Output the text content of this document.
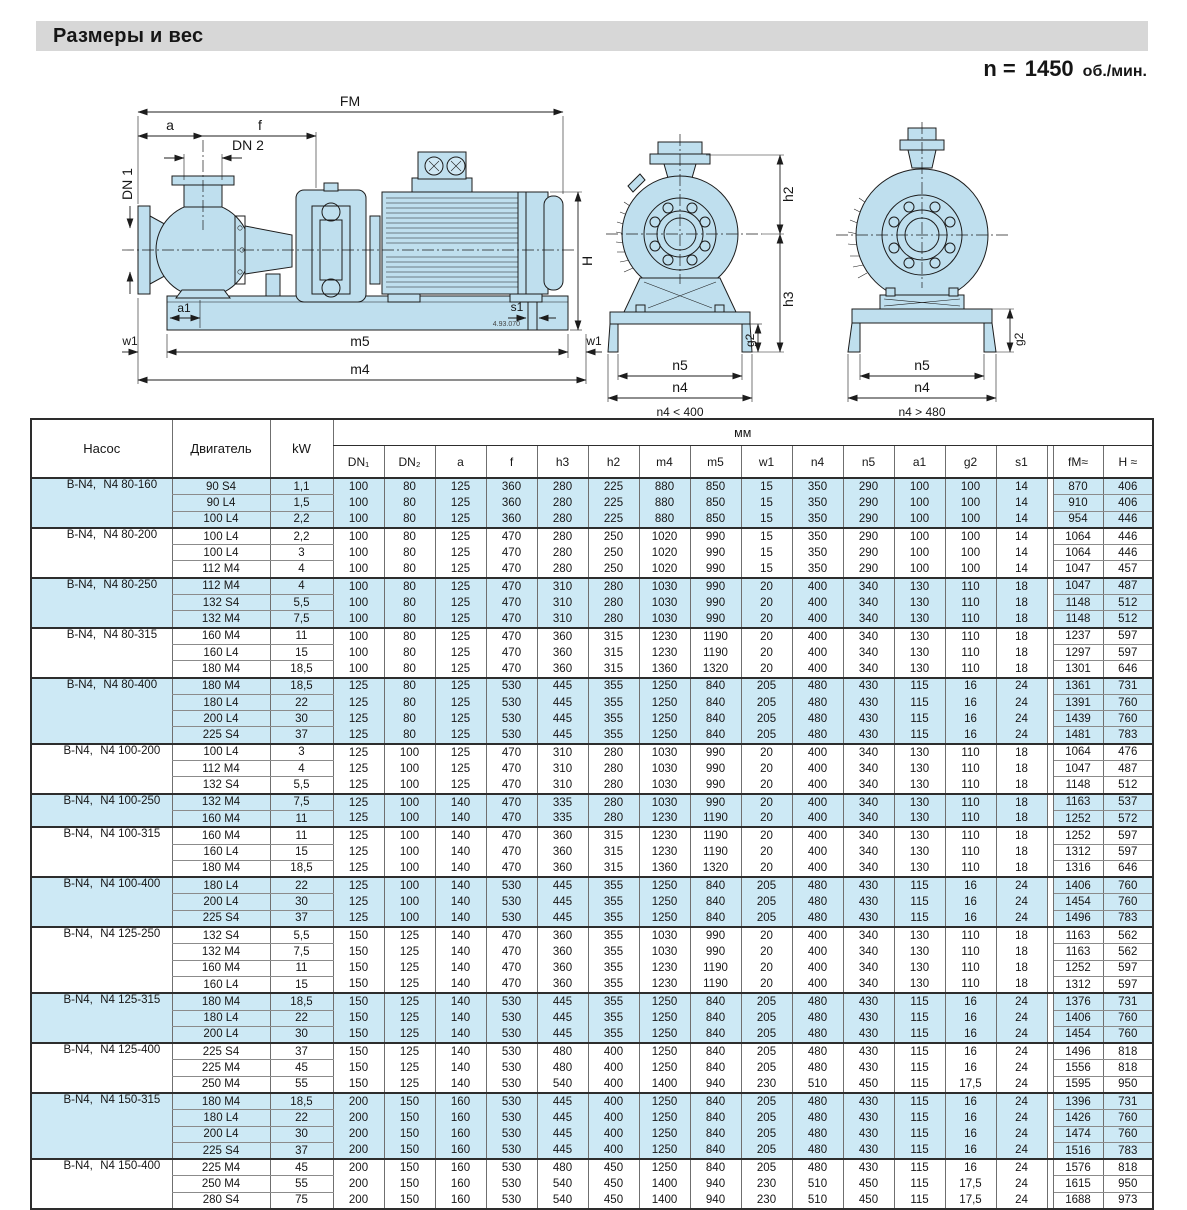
Размеры и вес
n = 1450 об./мин.
FM
a	f
DN 2
DN 1
H
a1	s1
4.93.070
w1	w1
m5
m4
h2
h3
g2
n5
n4
n4 < 400
g2
n5
n4
n4 > 480
Насос	Двигатель	kW	мм																
			DN₁	DN₂	a	f	h3	h2	m4	m5	w1	n4	n5	a1	g2	s1		fM≈	H ≈
B-N4, N4 80-160	90 S4	1,1	100	80	125	360	280	225	880	850	15	350	290	100	100	14		870	406
	90 L4	1,5	100	80	125	360	280	225	880	850	15	350	290	100	100	14		910	406
	100 L4	2,2	100	80	125	360	280	225	880	850	15	350	290	100	100	14		954	446
B-N4, N4 80-200	100 L4	2,2	100	80	125	470	280	250	1020	990	15	350	290	100	100	14		1064	446
	100 L4	3	100	80	125	470	280	250	1020	990	15	350	290	100	100	14		1064	446
	112 M4	4	100	80	125	470	280	250	1020	990	15	350	290	100	100	14		1047	457
B-N4, N4 80-250	112 M4	4	100	80	125	470	310	280	1030	990	20	400	340	130	110	18		1047	487
	132 S4	5,5	100	80	125	470	310	280	1030	990	20	400	340	130	110	18		1148	512
	132 M4	7,5	100	80	125	470	310	280	1030	990	20	400	340	130	110	18		1148	512
B-N4, N4 80-315	160 M4	11	100	80	125	470	360	315	1230	1190	20	400	340	130	110	18		1237	597
	160 L4	15	100	80	125	470	360	315	1230	1190	20	400	340	130	110	18		1297	597
	180 M4	18,5	100	80	125	470	360	315	1360	1320	20	400	340	130	110	18		1301	646
B-N4, N4 80-400	180 M4	18,5	125	80	125	530	445	355	1250	840	205	480	430	115	16	24		1361	731
	180 L4	22	125	80	125	530	445	355	1250	840	205	480	430	115	16	24		1391	760
	200 L4	30	125	80	125	530	445	355	1250	840	205	480	430	115	16	24		1439	760
	225 S4	37	125	80	125	530	445	355	1250	840	205	480	430	115	16	24		1481	783
B-N4, N4 100-200	100 L4	3	125	100	125	470	310	280	1030	990	20	400	340	130	110	18		1064	476
	112 M4	4	125	100	125	470	310	280	1030	990	20	400	340	130	110	18		1047	487
	132 S4	5,5	125	100	125	470	310	280	1030	990	20	400	340	130	110	18		1148	512
B-N4, N4 100-250	132 M4	7,5	125	100	140	470	335	280	1030	990	20	400	340	130	110	18		1163	537
	160 M4	11	125	100	140	470	335	280	1230	1190	20	400	340	130	110	18		1252	572
B-N4, N4 100-315	160 M4	11	125	100	140	470	360	315	1230	1190	20	400	340	130	110	18		1252	597
	160 L4	15	125	100	140	470	360	315	1230	1190	20	400	340	130	110	18		1312	597
	180 M4	18,5	125	100	140	470	360	315	1360	1320	20	400	340	130	110	18		1316	646
B-N4, N4 100-400	180 L4	22	125	100	140	530	445	355	1250	840	205	480	430	115	16	24		1406	760
	200 L4	30	125	100	140	530	445	355	1250	840	205	480	430	115	16	24		1454	760
	225 S4	37	125	100	140	530	445	355	1250	840	205	480	430	115	16	24		1496	783
B-N4, N4 125-250	132 S4	5,5	150	125	140	470	360	355	1030	990	20	400	340	130	110	18		1163	562
	132 M4	7,5	150	125	140	470	360	355	1030	990	20	400	340	130	110	18		1163	562
	160 M4	11	150	125	140	470	360	355	1230	1190	20	400	340	130	110	18		1252	597
	160 L4	15	150	125	140	470	360	355	1230	1190	20	400	340	130	110	18		1312	597
B-N4, N4 125-315	180 M4	18,5	150	125	140	530	445	355	1250	840	205	480	430	115	16	24		1376	731
	180 L4	22	150	125	140	530	445	355	1250	840	205	480	430	115	16	24		1406	760
	200 L4	30	150	125	140	530	445	355	1250	840	205	480	430	115	16	24		1454	760
B-N4, N4 125-400	225 S4	37	150	125	140	530	480	400	1250	840	205	480	430	115	16	24		1496	818
	225 M4	45	150	125	140	530	480	400	1250	840	205	480	430	115	16	24		1556	818
	250 M4	55	150	125	140	530	540	400	1400	940	230	510	450	115	17,5	24		1595	950
B-N4, N4 150-315	180 M4	18,5	200	150	160	530	445	400	1250	840	205	480	430	115	16	24		1396	731
	180 L4	22	200	150	160	530	445	400	1250	840	205	480	430	115	16	24		1426	760
	200 L4	30	200	150	160	530	445	400	1250	840	205	480	430	115	16	24		1474	760
	225 S4	37	200	150	160	530	445	400	1250	840	205	480	430	115	16	24		1516	783
B-N4, N4 150-400	225 M4	45	200	150	160	530	480	450	1250	840	205	480	430	115	16	24		1576	818
	250 M4	55	200	150	160	530	540	450	1400	940	230	510	450	115	17,5	24		1615	950
	280 S4	75	200	150	160	530	540	450	1400	940	230	510	450	115	17,5	24		1688	973
